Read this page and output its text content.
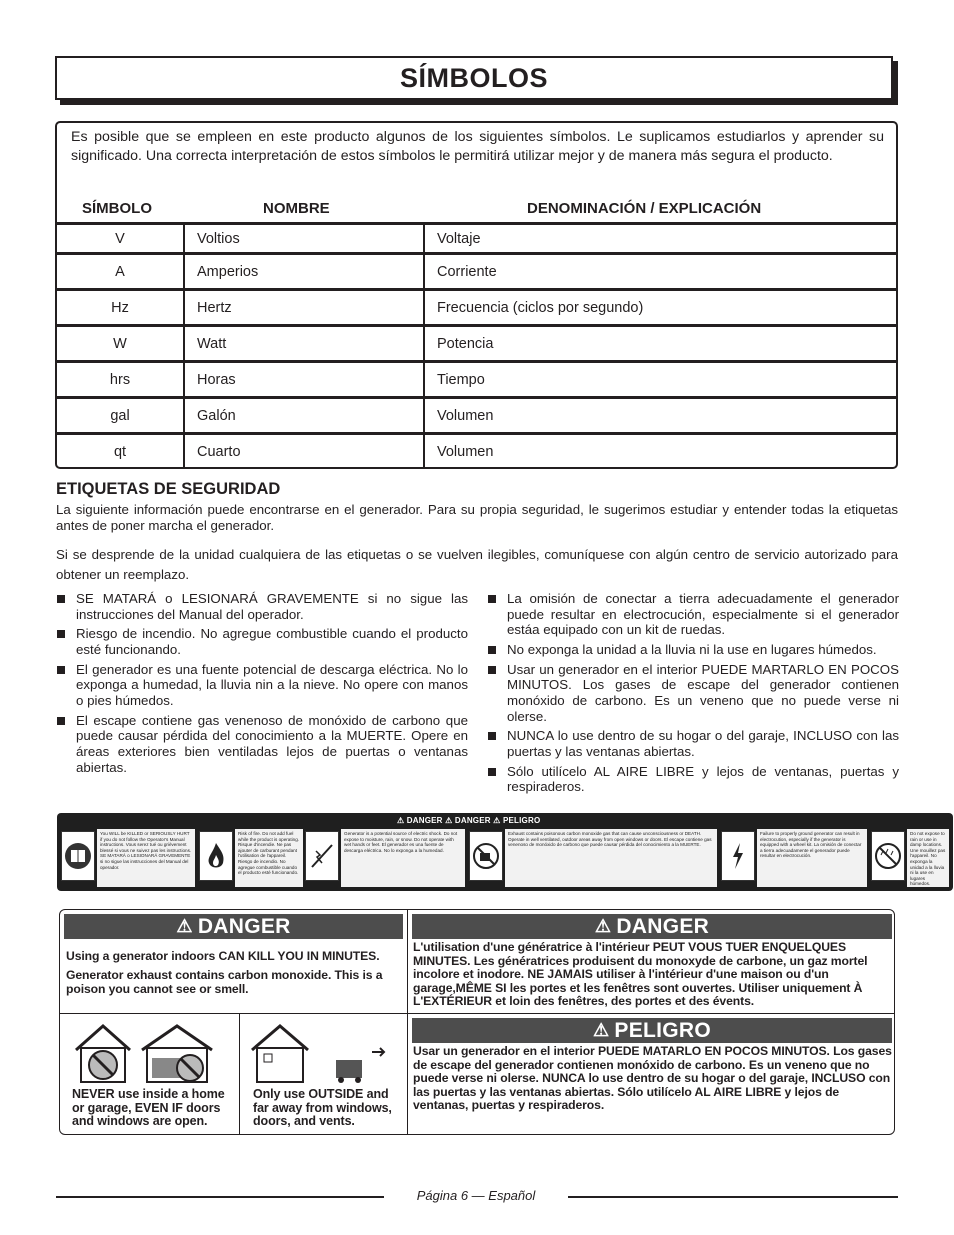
SÍMBOLOS

Es posible que se empleen en este producto algunos de los siguientes símbolos. Le suplicamos estudiarlos y aprender su significado. Una correcta interpretación de estos símbolos le permitirá utilizar mejor y de manera más segura el producto.

SÍMBOLO	NOMBRE	DENOMINACIÓN / EXPLICACIÓN
V	Voltios	Voltaje
A	Amperios	Corriente
Hz	Hertz	Frecuencia (ciclos por segundo)
W	Watt	Potencia
hrs	Horas	Tiempo
gal	Galón	Volumen
qt	Cuarto	Volumen
ETIQUETAS DE SEGURIDAD

La siguiente información puede encontrarse en el generador. Para su propia seguridad, le sugerimos estudiar y entender todas la etiquetas antes de poner marcha el generador.

Si se desprende de la unidad cualquiera de las etiquetas o se vuelven ilegibles, comuníquese con algún centro de servicio autorizado para obtener un reemplazo.

SE MATARÁ o LESIONARÁ GRAVEMENTE si no sigue las instrucciones del Manual del operador.
Riesgo de incendio. No agregue combustible cuando el producto esté funcionando.
El generador es una fuente potencial de descarga eléctrica. No lo exponga a humedad, la lluvia nin a la nieve. No opere con manos o pies húmedos.
El escape contiene gas venenoso de monóxido de carbono que puede causar pérdida del conocimiento a la MUERTE. Opere en áreas exteriores bien ventiladas lejos de puertas o ventanas abiertas.
La omisión de conectar a tierra adecuadamente el generador puede resultar en electrocución, especialmente si el generador estáa equipado con un kit de ruedas.
No exponga la unidad a la lluvia ni la use en lugares húmedos.
Usar un generador en el interior PUEDE MARTARLO EN POCOS MINUTOS. Los gases de escape del generador contienen monóxido de carbono. Es un veneno que no puede verse ni olerse.
NUNCA lo use dentro de su hogar o del garaje, INCLUSO con las puertas y las ventanas abiertas.
Sólo utilícelo AL AIRE LIBRE y lejos de ventanas, puertas y respiraderos.
⚠ DANGER ⚠ DANGER ⚠ PELIGRO
You WILL be KILLED or SERIOUSLY HURT if you do not follow the Operator's Manual instructions. Vous serez tué ou grièvement blessé si vous ne suivez pas les instructions. SE MATARÁ o LESIONARÁ GRAVEMENTE si no sigue las instrucciones del Manual del operador.
Risk of fire. Do not add fuel while the product is operating. Risque d'incendie. Ne pas ajouter de carburant pendant l'utilisation de l'appareil. Riesgo de incendio. No agregue combustible cuando el producto esté funcionando.
Generator is a potential source of electric shock. Do not expose to moisture, rain, or snow. Do not operate with wet hands or feet. El generador es una fuente de descarga eléctrica. No lo exponga a la humedad.
Exhaust contains poisonous carbon monoxide gas that can cause unconsciousness or DEATH. Operate in well ventilated, outdoor areas away from open windows or doors. El escape contiene gas venenoso de monóxido de carbono que puede causar pérdida del conocimiento a la MUERTE.
Failure to properly ground generator can result in electrocution, especially if the generator is equipped with a wheel kit. La omisión de conectar a tierra adecuadamente el generador puede resultar en electrocución.
Do not expose to rain or use in damp locations. Une mouillez pas l'appareil. No exponga la unidad a la lluvia ni la use en lugares húmedos.
⚠ DANGER	⚠ DANGER
Using a generator indoors CAN KILL YOU IN MINUTES.
Generator exhaust contains carbon monoxide. This is a poison you cannot see or smell.
L'utilisation d'une génératrice à l'intérieur PEUT VOUS TUER ENQUELQUES MINUTES. Les génératrices produisent du monoxyde de carbone, un gaz mortel incolore et inodore. NE JAMAIS utiliser à l'intérieur d'une maison ou d'un garage,MÊME SI les portes et les fenêtres sont ouvertes. Utiliser uniquement À L'EXTÉRIEUR et loin des fenêtres, des portes et des évents.
NEVER use inside a home or garage, EVEN IF doors and windows are open.
Only use OUTSIDE and far away from windows, doors, and vents.
⚠ PELIGRO
Usar un generador en el interior PUEDE MATARLO EN POCOS MINUTOS. Los gases de escape del generador contienen monóxido de carbono. Es un veneno que no puede verse ni olerse. NUNCA lo use dentro de su hogar o del garaje, INCLUSO con las puertas y las ventanas abiertas. Sólo utilícelo AL AIRE LIBRE y lejos de ventanas, puertas y respiraderos.
Página 6 — Español
